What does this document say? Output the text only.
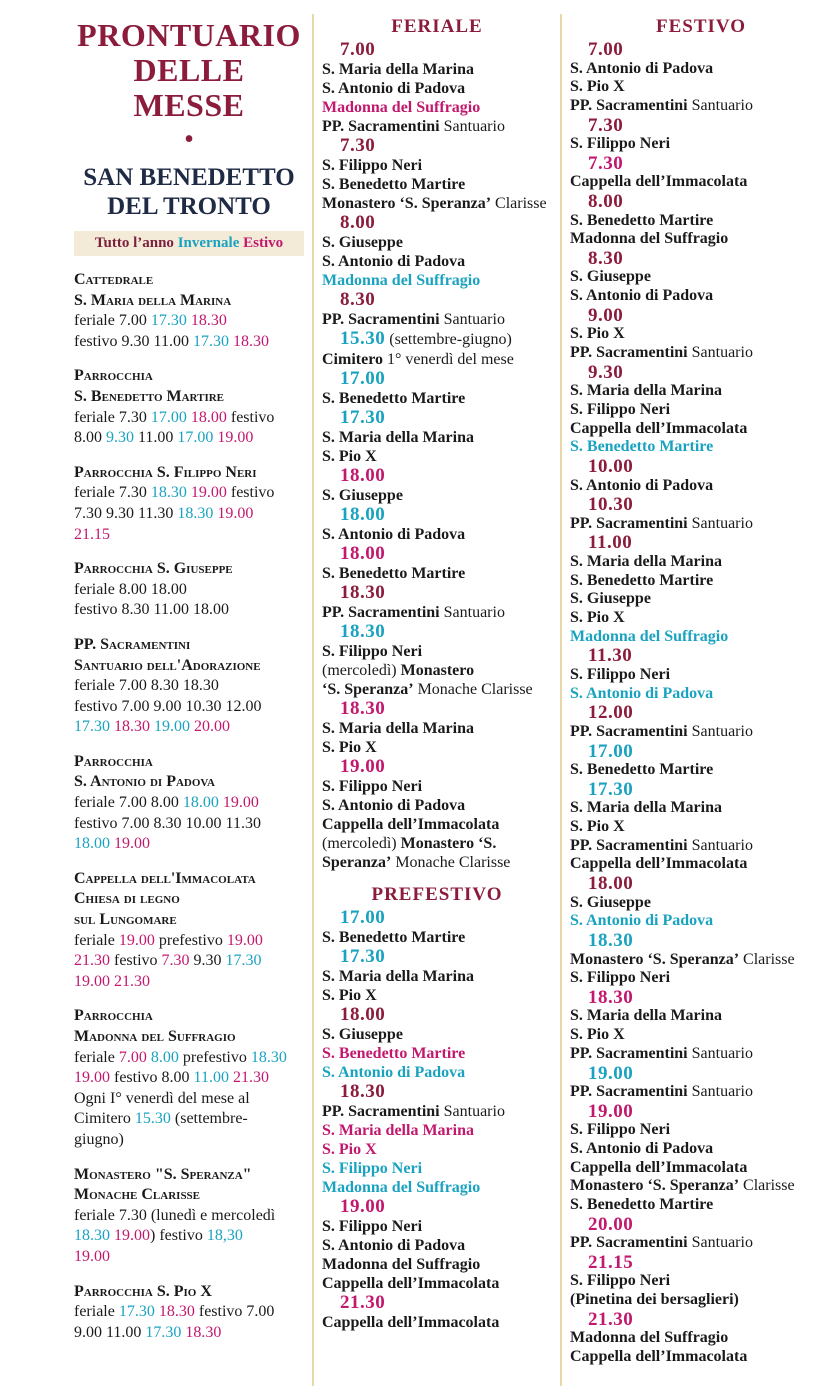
PRONTUARIO
DELLE MESSE
•
SAN BENEDETTO
DEL TRONTO
Tutto l’anno Invernale Estivo
Cattedrale
S. Maria della Marina
feriale 7.00 17.30 18.30
festivo 9.30 11.00 17.30 18.30
Parrocchia
S. Benedetto Martire
feriale 7.30 17.00 18.00 festivo
8.00 9.30 11.00 17.00 19.00
Parrocchia S. Filippo Neri
feriale 7.30 18.30 19.00 festivo
7.30 9.30 11.30 18.30 19.00
21.15
Parrocchia S. Giuseppe
feriale 8.00 18.00
festivo 8.30 11.00 18.00
PP. Sacramentini
Santuario dell'Adorazione
feriale 7.00 8.30 18.30
festivo 7.00 9.00 10.30 12.00
17.30 18.30 19.00 20.00
Parrocchia
S. Antonio di Padova
feriale 7.00 8.00 18.00 19.00
festivo 7.00 8.30 10.00 11.30
18.00 19.00
Cappella dell'Immacolata
Chiesa di legno
sul Lungomare
feriale 19.00 prefestivo 19.00
21.30 festivo 7.30 9.30 17.30
19.00 21.30
Parrocchia
Madonna del Suffragio
feriale 7.00 8.00 prefestivo 18.30
19.00 festivo 8.00 11.00 21.30
Ogni I° venerdì del mese al
Cimitero 15.30 (settembre-
giugno)
Monastero "S. Speranza"
Monache Clarisse
feriale 7.30 (lunedì e mercoledì
18.30 19.00) festivo 18,30
19.00
Parrocchia S. Pio X
feriale 17.30 18.30 festivo 7.00
9.00 11.00 17.30 18.30
FERIALE
7.00
S. Maria della Marina
S. Antonio di Padova
Madonna del Suffragio
PP. Sacramentini Santuario
7.30
S. Filippo Neri
S. Benedetto Martire
Monastero ‘S. Speranza’ Clarisse
8.00
S. Giuseppe
S. Antonio di Padova
Madonna del Suffragio
8.30
PP. Sacramentini Santuario
15.30 (settembre-giugno)
Cimitero 1° venerdì del mese
17.00
S. Benedetto Martire
17.30
S. Maria della Marina
S. Pio X
18.00
S. Giuseppe
18.00
S. Antonio di Padova
18.00
S. Benedetto Martire
18.30
PP. Sacramentini Santuario
18.30
S. Filippo Neri
(mercoledì) Monastero
‘S. Speranza’ Monache Clarisse
18.30
S. Maria della Marina
S. Pio X
19.00
S. Filippo Neri
S. Antonio di Padova
Cappella dell’Immacolata
(mercoledì) Monastero ‘S.
Speranza’ Monache Clarisse
PREFESTIVO
17.00
S. Benedetto Martire
17.30
S. Maria della Marina
S. Pio X
18.00
S. Giuseppe
S. Benedetto Martire
S. Antonio di Padova
18.30
PP. Sacramentini Santuario
S. Maria della Marina
S. Pio X
S. Filippo Neri
Madonna del Suffragio
19.00
S. Filippo Neri
S. Antonio di Padova
Madonna del Suffragio
Cappella dell’Immacolata
21.30
Cappella dell’Immacolata
FESTIVO
7.00
S. Antonio di Padova
S. Pio X
PP. Sacramentini Santuario
7.30
S. Filippo Neri
7.30
Cappella dell’Immacolata
8.00
S. Benedetto Martire
Madonna del Suffragio
8.30
S. Giuseppe
S. Antonio di Padova
9.00
S. Pio X
PP. Sacramentini Santuario
9.30
S. Maria della Marina
S. Filippo Neri
Cappella dell’Immacolata
S. Benedetto Martire
10.00
S. Antonio di Padova
10.30
PP. Sacramentini Santuario
11.00
S. Maria della Marina
S. Benedetto Martire
S. Giuseppe
S. Pio X
Madonna del Suffragio
11.30
S. Filippo Neri
S. Antonio di Padova
12.00
PP. Sacramentini Santuario
17.00
S. Benedetto Martire
17.30
S. Maria della Marina
S. Pio X
PP. Sacramentini Santuario
Cappella dell’Immacolata
18.00
S. Giuseppe
S. Antonio di Padova
18.30
Monastero ‘S. Speranza’ Clarisse
S. Filippo Neri
18.30
S. Maria della Marina
S. Pio X
PP. Sacramentini Santuario
19.00
PP. Sacramentini Santuario
19.00
S. Filippo Neri
S. Antonio di Padova
Cappella dell’Immacolata
Monastero ‘S. Speranza’ Clarisse
S. Benedetto Martire
20.00
PP. Sacramentini Santuario
21.15
S. Filippo Neri
(Pinetina dei bersaglieri)
21.30
Madonna del Suffragio
Cappella dell’Immacolata
